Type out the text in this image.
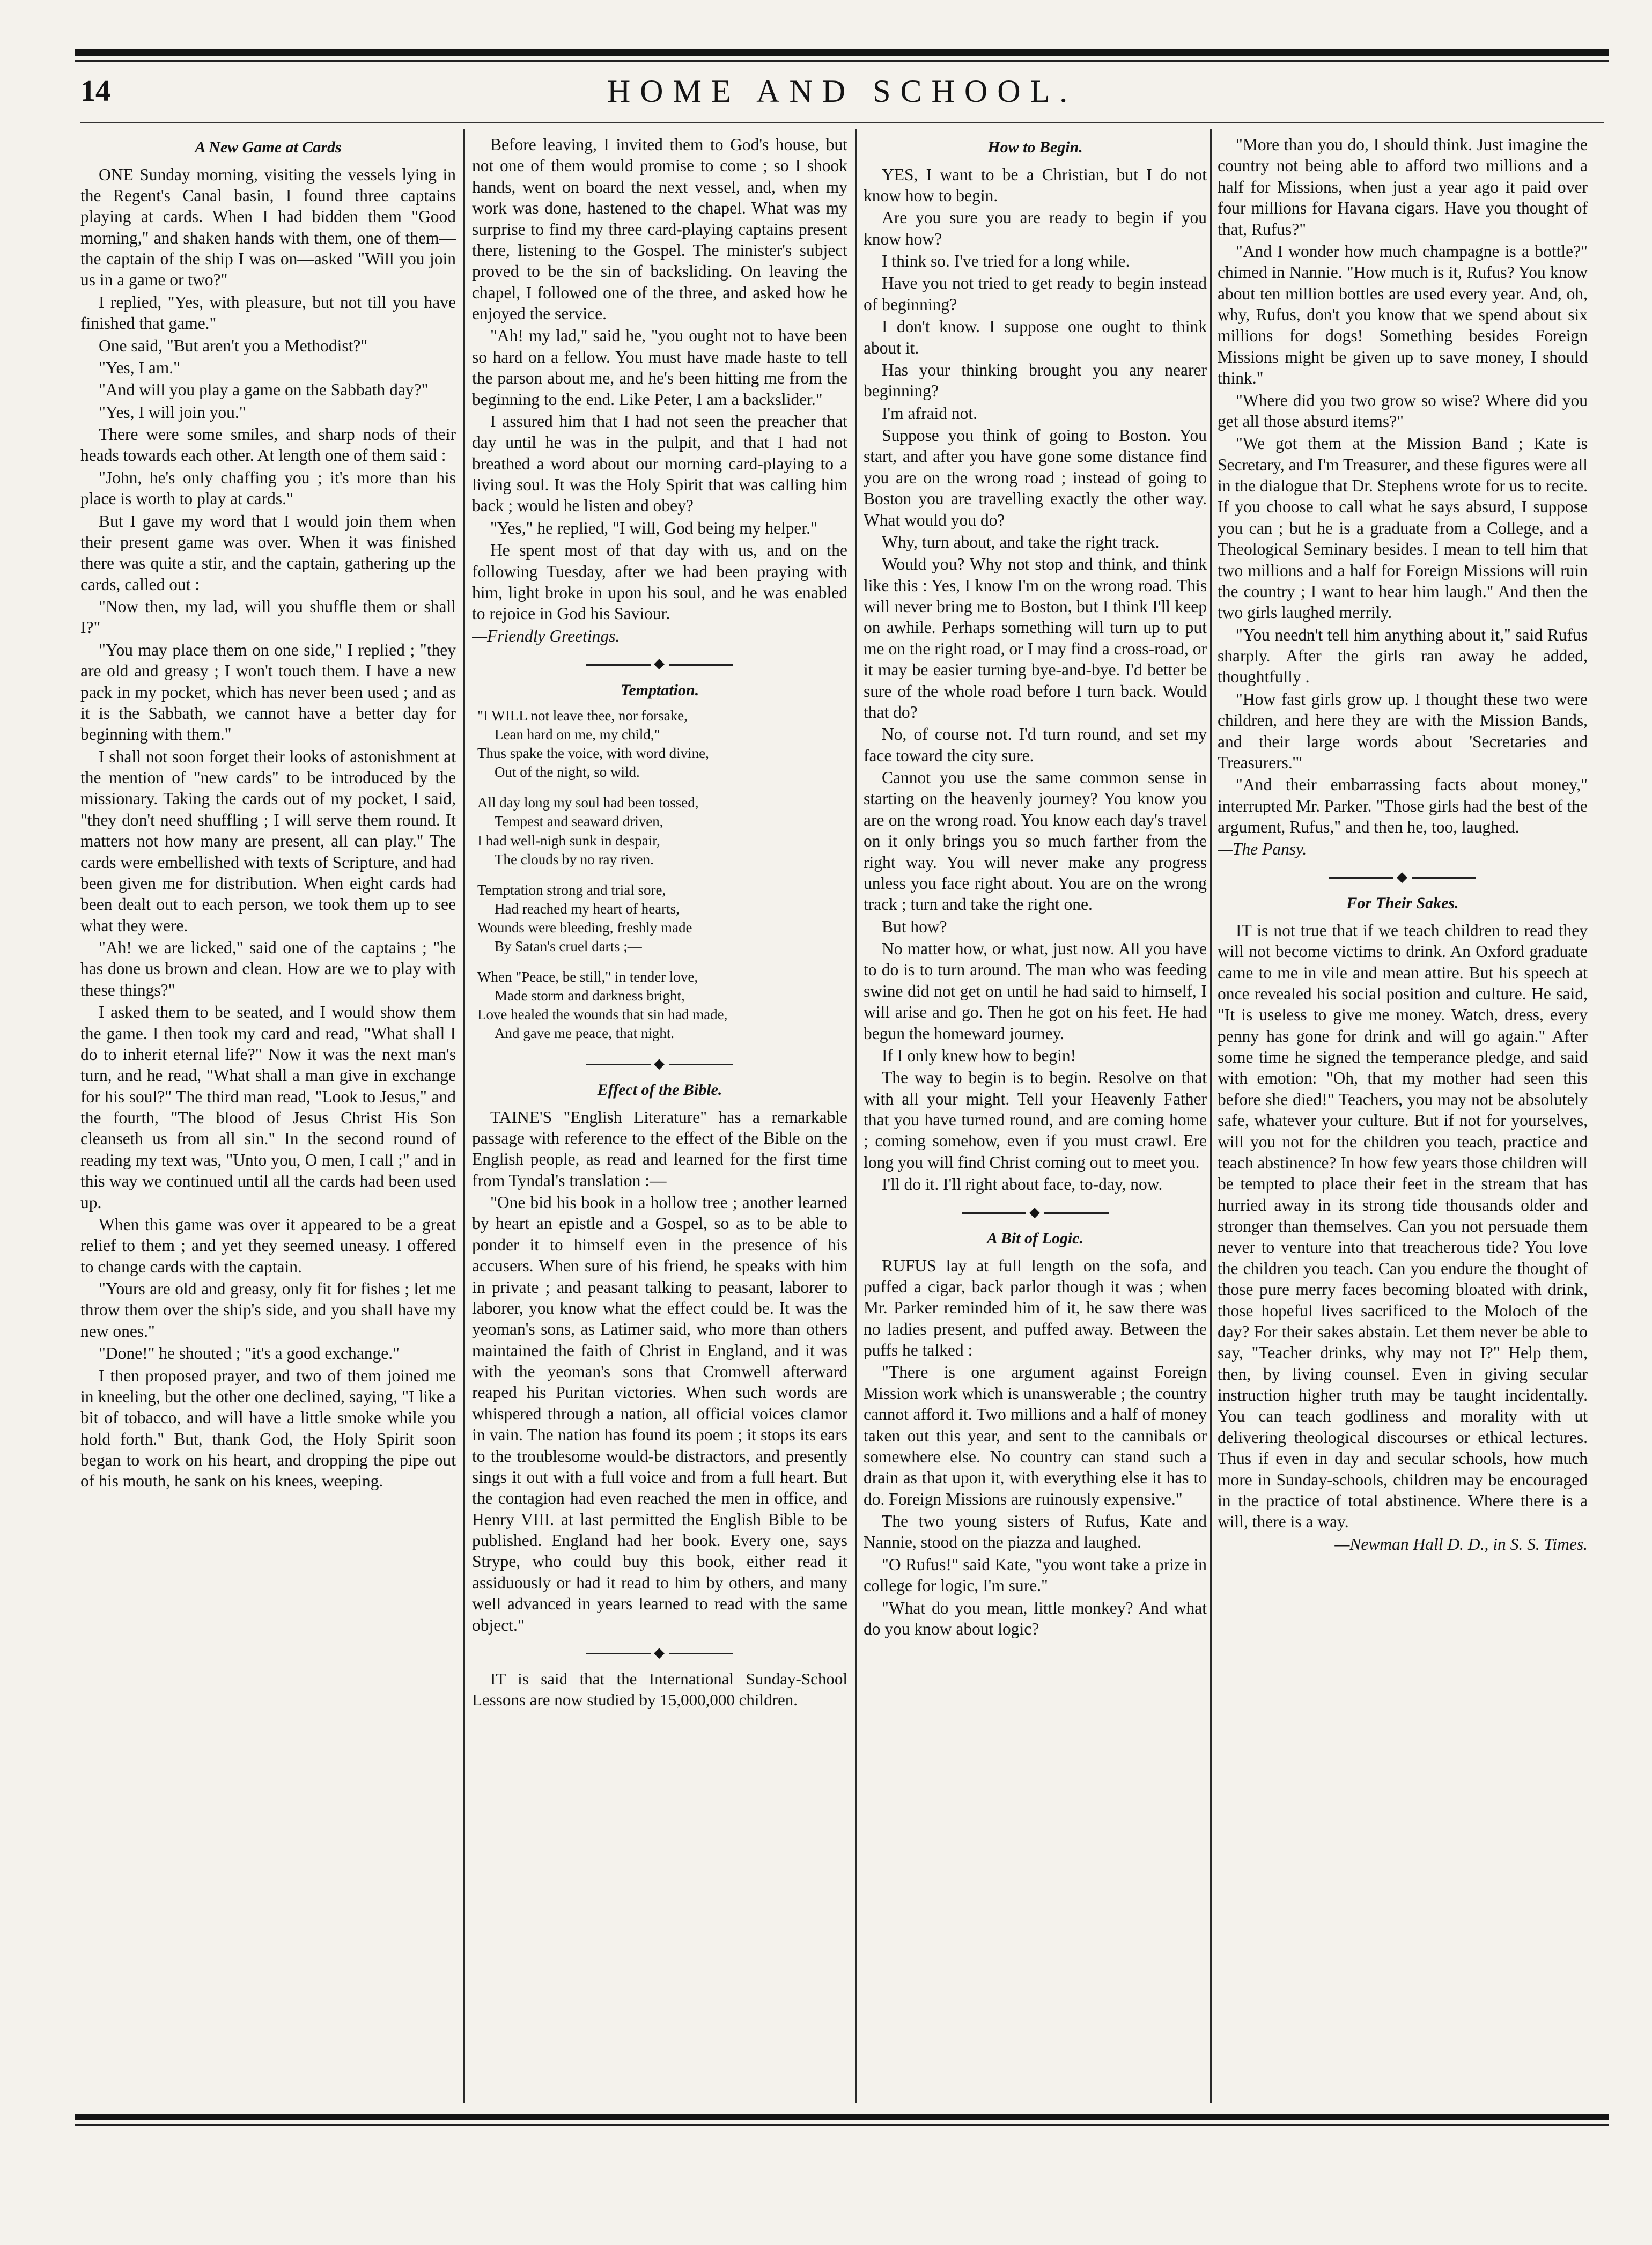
14	HOME AND SCHOOL.
A New Game at Cards

ONE Sunday morning, visiting the vessels lying in the Regent's Canal basin, I found three captains playing at cards. When I had bidden them "Good morning," and shaken hands with them, one of them—the captain of the ship I was on—asked "Will you join us in a game or two?"

I replied, "Yes, with pleasure, but not till you have finished that game."

One said, "But aren't you a Methodist?"

"Yes, I am."

"And will you play a game on the Sabbath day?"

"Yes, I will join you."

There were some smiles, and sharp nods of their heads towards each other. At length one of them said :

"John, he's only chaffing you ; it's more than his place is worth to play at cards."

But I gave my word that I would join them when their present game was over. When it was finished there was quite a stir, and the captain, gathering up the cards, called out :

"Now then, my lad, will you shuffle them or shall I?"

"You may place them on one side," I replied ; "they are old and greasy ; I won't touch them. I have a new pack in my pocket, which has never been used ; and as it is the Sabbath, we cannot have a better day for beginning with them."

I shall not soon forget their looks of astonishment at the mention of "new cards" to be introduced by the missionary. Taking the cards out of my pocket, I said, "they don't need shuffling ; I will serve them round. It matters not how many are present, all can play." The cards were embellished with texts of Scripture, and had been given me for distribution. When eight cards had been dealt out to each person, we took them up to see what they were.

"Ah! we are licked," said one of the captains ; "he has done us brown and clean. How are we to play with these things?"

I asked them to be seated, and I would show them the game. I then took my card and read, "What shall I do to inherit eternal life?" Now it was the next man's turn, and he read, "What shall a man give in exchange for his soul?" The third man read, "Look to Jesus," and the fourth, "The blood of Jesus Christ His Son cleanseth us from all sin." In the second round of reading my text was, "Unto you, O men, I call ;" and in this way we continued until all the cards had been used up.

When this game was over it appeared to be a great relief to them ; and yet they seemed uneasy. I offered to change cards with the captain.

"Yours are old and greasy, only fit for fishes ; let me throw them over the ship's side, and you shall have my new ones."

"Done!" he shouted ; "it's a good exchange."

I then proposed prayer, and two of them joined me in kneeling, but the other one declined, saying, "I like a bit of tobacco, and will have a little smoke while you hold forth." But, thank God, the Holy Spirit soon began to work on his heart, and dropping the pipe out of his mouth, he sank on his knees, weeping.

Before leaving, I invited them to God's house, but not one of them would promise to come ; so I shook hands, went on board the next vessel, and, when my work was done, hastened to the chapel. What was my surprise to find my three card-playing captains present there, listening to the Gospel. The minister's subject proved to be the sin of backsliding. On leaving the chapel, I followed one of the three, and asked how he enjoyed the service.

"Ah! my lad," said he, "you ought not to have been so hard on a fellow. You must have made haste to tell the parson about me, and he's been hitting me from the beginning to the end. Like Peter, I am a backslider."

I assured him that I had not seen the preacher that day until he was in the pulpit, and that I had not breathed a word about our morning card-playing to a living soul. It was the Holy Spirit that was calling him back ; would he listen and obey?

"Yes," he replied, "I will, God being my helper."

He spent most of that day with us, and on the following Tuesday, after we had been praying with him, light broke in upon his soul, and he was enabled to rejoice in God his Saviour.

—Friendly Greetings.

◆
Temptation.
"I WILL not leave thee, nor forsake,
Lean hard on me, my child,"
Thus spake the voice, with word divine,
Out of the night, so wild.
All day long my soul had been tossed,
Tempest and seaward driven,
I had well-nigh sunk in despair,
The clouds by no ray riven.
Temptation strong and trial sore,
Had reached my heart of hearts,
Wounds were bleeding, freshly made
By Satan's cruel darts ;—
When "Peace, be still," in tender love,
Made storm and darkness bright,
Love healed the wounds that sin had made,
And gave me peace, that night.
◆
Effect of the Bible.

TAINE'S "English Literature" has a remarkable passage with reference to the effect of the Bible on the English people, as read and learned for the first time from Tyndal's translation :—

"One bid his book in a hollow tree ; another learned by heart an epistle and a Gospel, so as to be able to ponder it to himself even in the presence of his accusers. When sure of his friend, he speaks with him in private ; and peasant talking to peasant, laborer to laborer, you know what the effect could be. It was the yeoman's sons, as Latimer said, who more than others maintained the faith of Christ in England, and it was with the yeoman's sons that Cromwell afterward reaped his Puritan victories. When such words are whispered through a nation, all official voices clamor in vain. The nation has found its poem ; it stops its ears to the troublesome would-be distractors, and presently sings it out with a full voice and from a full heart. But the contagion had even reached the men in office, and Henry VIII. at last permitted the English Bible to be published. England had her book. Every one, says Strype, who could buy this book, either read it assiduously or had it read to him by others, and many well advanced in years learned to read with the same object."

◆

IT is said that the International Sunday-School Lessons are now studied by 15,000,000 children.

How to Begin.

YES, I want to be a Christian, but I do not know how to begin.

Are you sure you are ready to begin if you know how?

I think so. I've tried for a long while.

Have you not tried to get ready to begin instead of beginning?

I don't know. I suppose one ought to think about it.

Has your thinking brought you any nearer beginning?

I'm afraid not.

Suppose you think of going to Boston. You start, and after you have gone some distance find you are on the wrong road ; instead of going to Boston you are travelling exactly the other way. What would you do?

Why, turn about, and take the right track.

Would you? Why not stop and think, and think like this : Yes, I know I'm on the wrong road. This will never bring me to Boston, but I think I'll keep on awhile. Perhaps something will turn up to put me on the right road, or I may find a cross-road, or it may be easier turning bye-and-bye. I'd better be sure of the whole road before I turn back. Would that do?

No, of course not. I'd turn round, and set my face toward the city sure.

Cannot you use the same common sense in starting on the heavenly journey? You know you are on the wrong road. You know each day's travel on it only brings you so much farther from the right way. You will never make any progress unless you face right about. You are on the wrong track ; turn and take the right one.

But how?

No matter how, or what, just now. All you have to do is to turn around. The man who was feeding swine did not get on until he had said to himself, I will arise and go. Then he got on his feet. He had begun the homeward journey.

If I only knew how to begin!

The way to begin is to begin. Resolve on that with all your might. Tell your Heavenly Father that you have turned round, and are coming home ; coming somehow, even if you must crawl. Ere long you will find Christ coming out to meet you.

I'll do it. I'll right about face, to-day, now.

◆
A Bit of Logic.

RUFUS lay at full length on the sofa, and puffed a cigar, back parlor though it was ; when Mr. Parker reminded him of it, he saw there was no ladies present, and puffed away. Between the puffs he talked :

"There is one argument against Foreign Mission work which is unanswerable ; the country cannot afford it. Two millions and a half of money taken out this year, and sent to the cannibals or somewhere else. No country can stand such a drain as that upon it, with everything else it has to do. Foreign Missions are ruinously expensive."

The two young sisters of Rufus, Kate and Nannie, stood on the piazza and laughed.

"O Rufus!" said Kate, "you wont take a prize in college for logic, I'm sure."

"What do you mean, little monkey? And what do you know about logic?

"More than you do, I should think. Just imagine the country not being able to afford two millions and a half for Missions, when just a year ago it paid over four millions for Havana cigars. Have you thought of that, Rufus?"

"And I wonder how much champagne is a bottle?" chimed in Nannie. "How much is it, Rufus? You know about ten million bottles are used every year. And, oh, why, Rufus, don't you know that we spend about six millions for dogs! Something besides Foreign Missions might be given up to save money, I should think."

"Where did you two grow so wise? Where did you get all those absurd items?"

"We got them at the Mission Band ; Kate is Secretary, and I'm Treasurer, and these figures were all in the dialogue that Dr. Stephens wrote for us to recite. If you choose to call what he says absurd, I suppose you can ; but he is a graduate from a College, and a Theological Seminary besides. I mean to tell him that two millions and a half for Foreign Missions will ruin the country ; I want to hear him laugh." And then the two girls laughed merrily.

"You needn't tell him anything about it," said Rufus sharply. After the girls ran away he added, thoughtfully .

"How fast girls grow up. I thought these two were children, and here they are with the Mission Bands, and their large words about 'Secretaries and Treasurers.'"

"And their embarrassing facts about money," interrupted Mr. Parker. "Those girls had the best of the argument, Rufus," and then he, too, laughed.

—The Pansy.

◆
For Their Sakes.

IT is not true that if we teach children to read they will not become victims to drink. An Oxford graduate came to me in vile and mean attire. But his speech at once revealed his social position and culture. He said, "It is useless to give me money. Watch, dress, every penny has gone for drink and will go again." After some time he signed the temperance pledge, and said with emotion: "Oh, that my mother had seen this before she died!" Teachers, you may not be absolutely safe, whatever your culture. But if not for yourselves, will you not for the children you teach, practice and teach abstinence? In how few years those children will be tempted to place their feet in the stream that has hurried away in its strong tide thousands older and stronger than themselves. Can you not persuade them never to venture into that treacherous tide? You love the children you teach. Can you endure the thought of those pure merry faces becoming bloated with drink, those hopeful lives sacrificed to the Moloch of the day? For their sakes abstain. Let them never be able to say, "Teacher drinks, why may not I?" Help them, then, by living counsel. Even in giving secular instruction higher truth may be taught incidentally. You can teach godliness and morality with ut delivering theological discourses or ethical lectures. Thus if even in day and secular schools, how much more in Sunday-schools, children may be encouraged in the practice of total abstinence. Where there is a will, there is a way.

—Newman Hall D. D., in S. S. Times.
